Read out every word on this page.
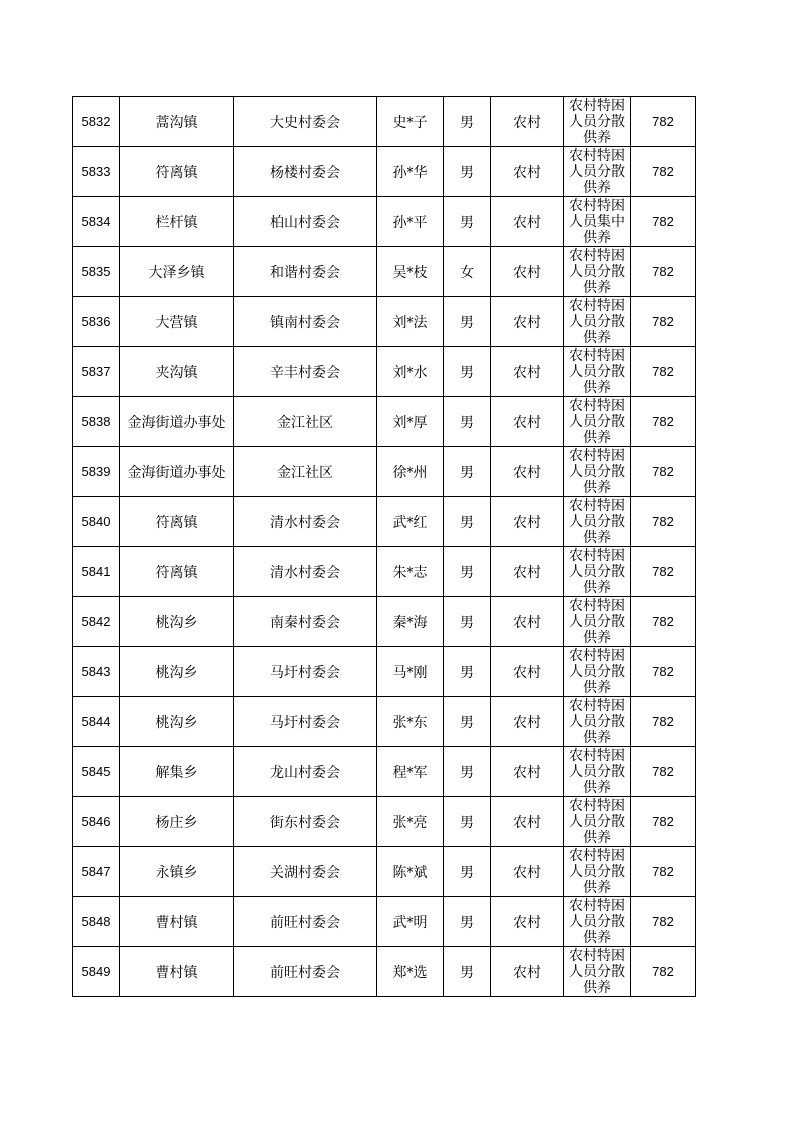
5832	蒿沟镇	大史村委会	史*子	男	农村	农村特困人员分散供养	782
5833	符离镇	杨楼村委会	孙*华	男	农村	农村特困人员分散供养	782
5834	栏杆镇	柏山村委会	孙*平	男	农村	农村特困人员集中供养	782
5835	大泽乡镇	和谐村委会	吴*枝	女	农村	农村特困人员分散供养	782
5836	大营镇	镇南村委会	刘*法	男	农村	农村特困人员分散供养	782
5837	夹沟镇	辛丰村委会	刘*水	男	农村	农村特困人员分散供养	782
5838	金海街道办事处	金江社区	刘*厚	男	农村	农村特困人员分散供养	782
5839	金海街道办事处	金江社区	徐*州	男	农村	农村特困人员分散供养	782
5840	符离镇	清水村委会	武*红	男	农村	农村特困人员分散供养	782
5841	符离镇	清水村委会	朱*志	男	农村	农村特困人员分散供养	782
5842	桃沟乡	南秦村委会	秦*海	男	农村	农村特困人员分散供养	782
5843	桃沟乡	马圩村委会	马*刚	男	农村	农村特困人员分散供养	782
5844	桃沟乡	马圩村委会	张*东	男	农村	农村特困人员分散供养	782
5845	解集乡	龙山村委会	程*军	男	农村	农村特困人员分散供养	782
5846	杨庄乡	街东村委会	张*亮	男	农村	农村特困人员分散供养	782
5847	永镇乡	关湖村委会	陈*斌	男	农村	农村特困人员分散供养	782
5848	曹村镇	前旺村委会	武*明	男	农村	农村特困人员分散供养	782
5849	曹村镇	前旺村委会	郑*选	男	农村	农村特困人员分散供养	782
